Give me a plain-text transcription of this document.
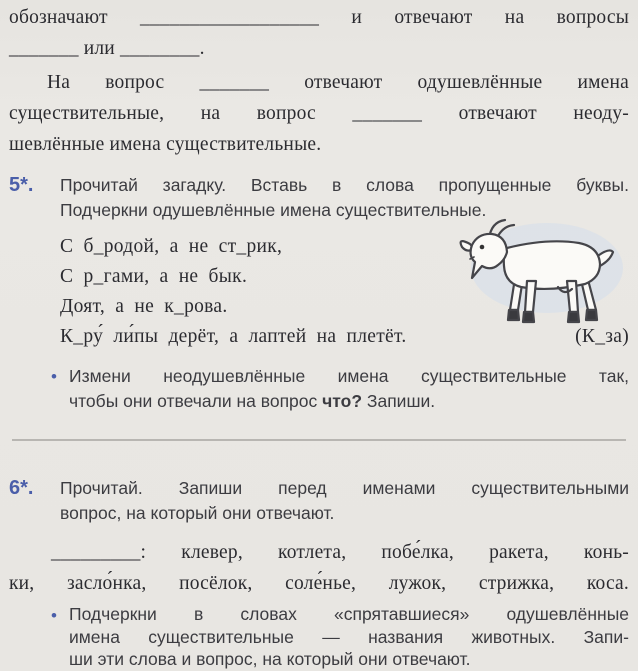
обозначают __________________ и отвечают на вопросы
_______ или ________.
На вопрос _______ отвечают одушевлённые имена
существительные, на вопрос _______ отвечают неоду-
шевлённые имена существительные.
5*.	Прочитай загадку. Вставь в слова пропущенные буквы.
Подчеркни одушевлённые имена существительные.
С б_родой, а не ст_рик,
С р_гами, а не бык.
Доят, а не к_рова.
К_ру́ ли́пы дерёт, а лаптей на плетёт.	(К_за)
• Измени неодушевлённые имена существительные так,
чтобы они отвечали на вопрос что? Запиши.
6*.	Прочитай. Запиши перед именами существительными
вопрос, на который они отвечают.
_________: клевер, котлета, побе́лка, ракета, конь-
ки, засло́нка, посёлок, соле́нье, лужок, стрижка, коса.
• Подчеркни в словах «спрятавшиеся» одушевлённые
имена существительные — названия животных. Запи-
ши эти слова и вопрос, на который они отвечают.
